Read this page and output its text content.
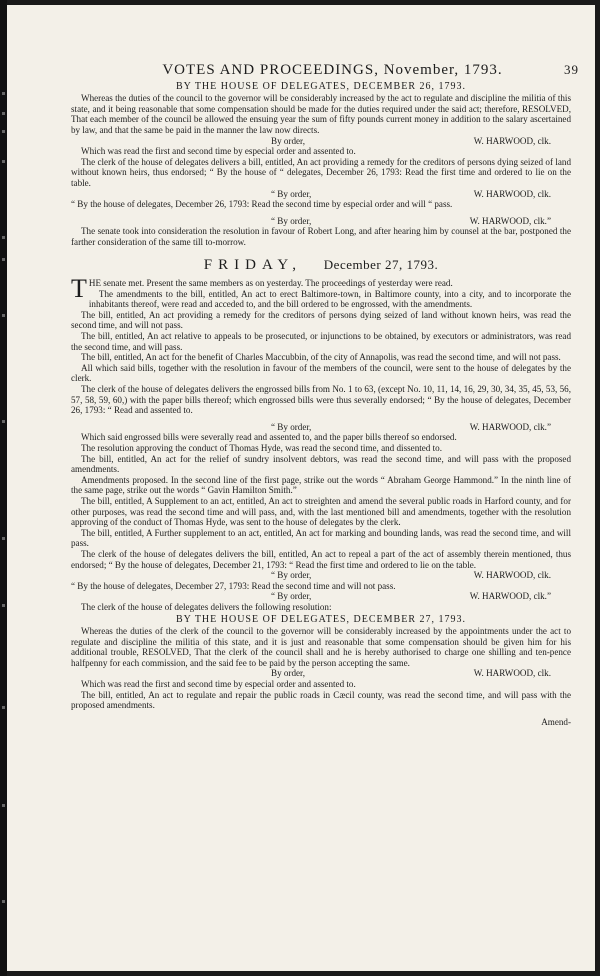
VOTES AND PROCEEDINGS, November, 1793.	39
BY THE HOUSE OF DELEGATES, DECEMBER 26, 1793.

Whereas the duties of the council to the governor will be considerably increased by the act to regulate and discipline the militia of this state, and it being reasonable that some compensation should be made for the duties required under the said act; therefore, RESOLVED, That each member of the council be allowed the ensuing year the sum of fifty pounds current money in addition to the salary ascertained by law, and that the same be paid in the manner the law now directs.

By order,	W. HARWOOD, clk.

Which was read the first and second time by especial order and assented to.

The clerk of the house of delegates delivers a bill, entitled, An act providing a remedy for the creditors of persons dying seized of land without known heirs, thus endorsed; “ By the house of “ delegates, December 26, 1793: Read the first time and ordered to lie on the table.

“ By order,	W. HARWOOD, clk.

“ By the house of delegates, December 26, 1793: Read the second time by especial order and will “ pass.

“ By order,	W. HARWOOD, clk.”

The senate took into consideration the resolution in favour of Robert Long, and after hearing him by counsel at the bar, postponed the farther consideration of the same till to-morrow.

FRIDAY, December 27, 1793.

THE senate met. Present the same members as on yesterday. The proceedings of yesterday were read.

The amendments to the bill, entitled, An act to erect Baltimore-town, in Baltimore county, into a city, and to incorporate the inhabitants thereof, were read and acceded to, and the bill ordered to be engrossed, with the amendments.

The bill, entitled, An act providing a remedy for the creditors of persons dying seized of land without known heirs, was read the second time, and will not pass.

The bill, entitled, An act relative to appeals to be prosecuted, or injunctions to be obtained, by executors or administrators, was read the second time, and will pass.

The bill, entitled, An act for the benefit of Charles Maccubbin, of the city of Annapolis, was read the second time, and will not pass.

All which said bills, together with the resolution in favour of the members of the council, were sent to the house of delegates by the clerk.

The clerk of the house of delegates delivers the engrossed bills from No. 1 to 63, (except No. 10, 11, 14, 16, 29, 30, 34, 35, 45, 53, 56, 57, 58, 59, 60,) with the paper bills thereof; which engrossed bills were thus severally endorsed; “ By the house of delegates, December 26, 1793: “ Read and assented to.

“ By order,	W. HARWOOD, clk.”

Which said engrossed bills were severally read and assented to, and the paper bills thereof so endorsed.

The resolution approving the conduct of Thomas Hyde, was read the second time, and dissented to.

The bill, entitled, An act for the relief of sundry insolvent debtors, was read the second time, and will pass with the proposed amendments.

Amendments proposed. In the second line of the first page, strike out the words “ Abraham George Hammond.” In the ninth line of the same page, strike out the words “ Gavin Hamilton Smith.”

The bill, entitled, A Supplement to an act, entitled, An act to streighten and amend the several public roads in Harford county, and for other purposes, was read the second time and will pass, and, with the last mentioned bill and amendments, together with the resolution approving of the conduct of Thomas Hyde, was sent to the house of delegates by the clerk.

The bill, entitled, A Further supplement to an act, entitled, An act for marking and bounding lands, was read the second time, and will pass.

The clerk of the house of delegates delivers the bill, entitled, An act to repeal a part of the act of assembly therein mentioned, thus endorsed; “ By the house of delegates, December 21, 1793: “ Read the first time and ordered to lie on the table.

“ By order,	W. HARWOOD, clk.

“ By the house of delegates, December 27, 1793: Read the second time and will not pass.

“ By order,	W. HARWOOD, clk.”

The clerk of the house of delegates delivers the following resolution:

BY THE HOUSE OF DELEGATES, DECEMBER 27, 1793.

Whereas the duties of the clerk of the council to the governor will be considerably increased by the appointments under the act to regulate and discipline the militia of this state, and it is just and reasonable that some compensation should be given him for his additional trouble, RESOLVED, That the clerk of the council shall and he is hereby authorised to charge one shilling and ten-pence halfpenny for each commission, and the said fee to be paid by the person accepting the same.

By order,	W. HARWOOD, clk.

Which was read the first and second time by especial order and assented to.

The bill, entitled, An act to regulate and repair the public roads in Cæcil county, was read the second time, and will pass with the proposed amendments.

Amend-
